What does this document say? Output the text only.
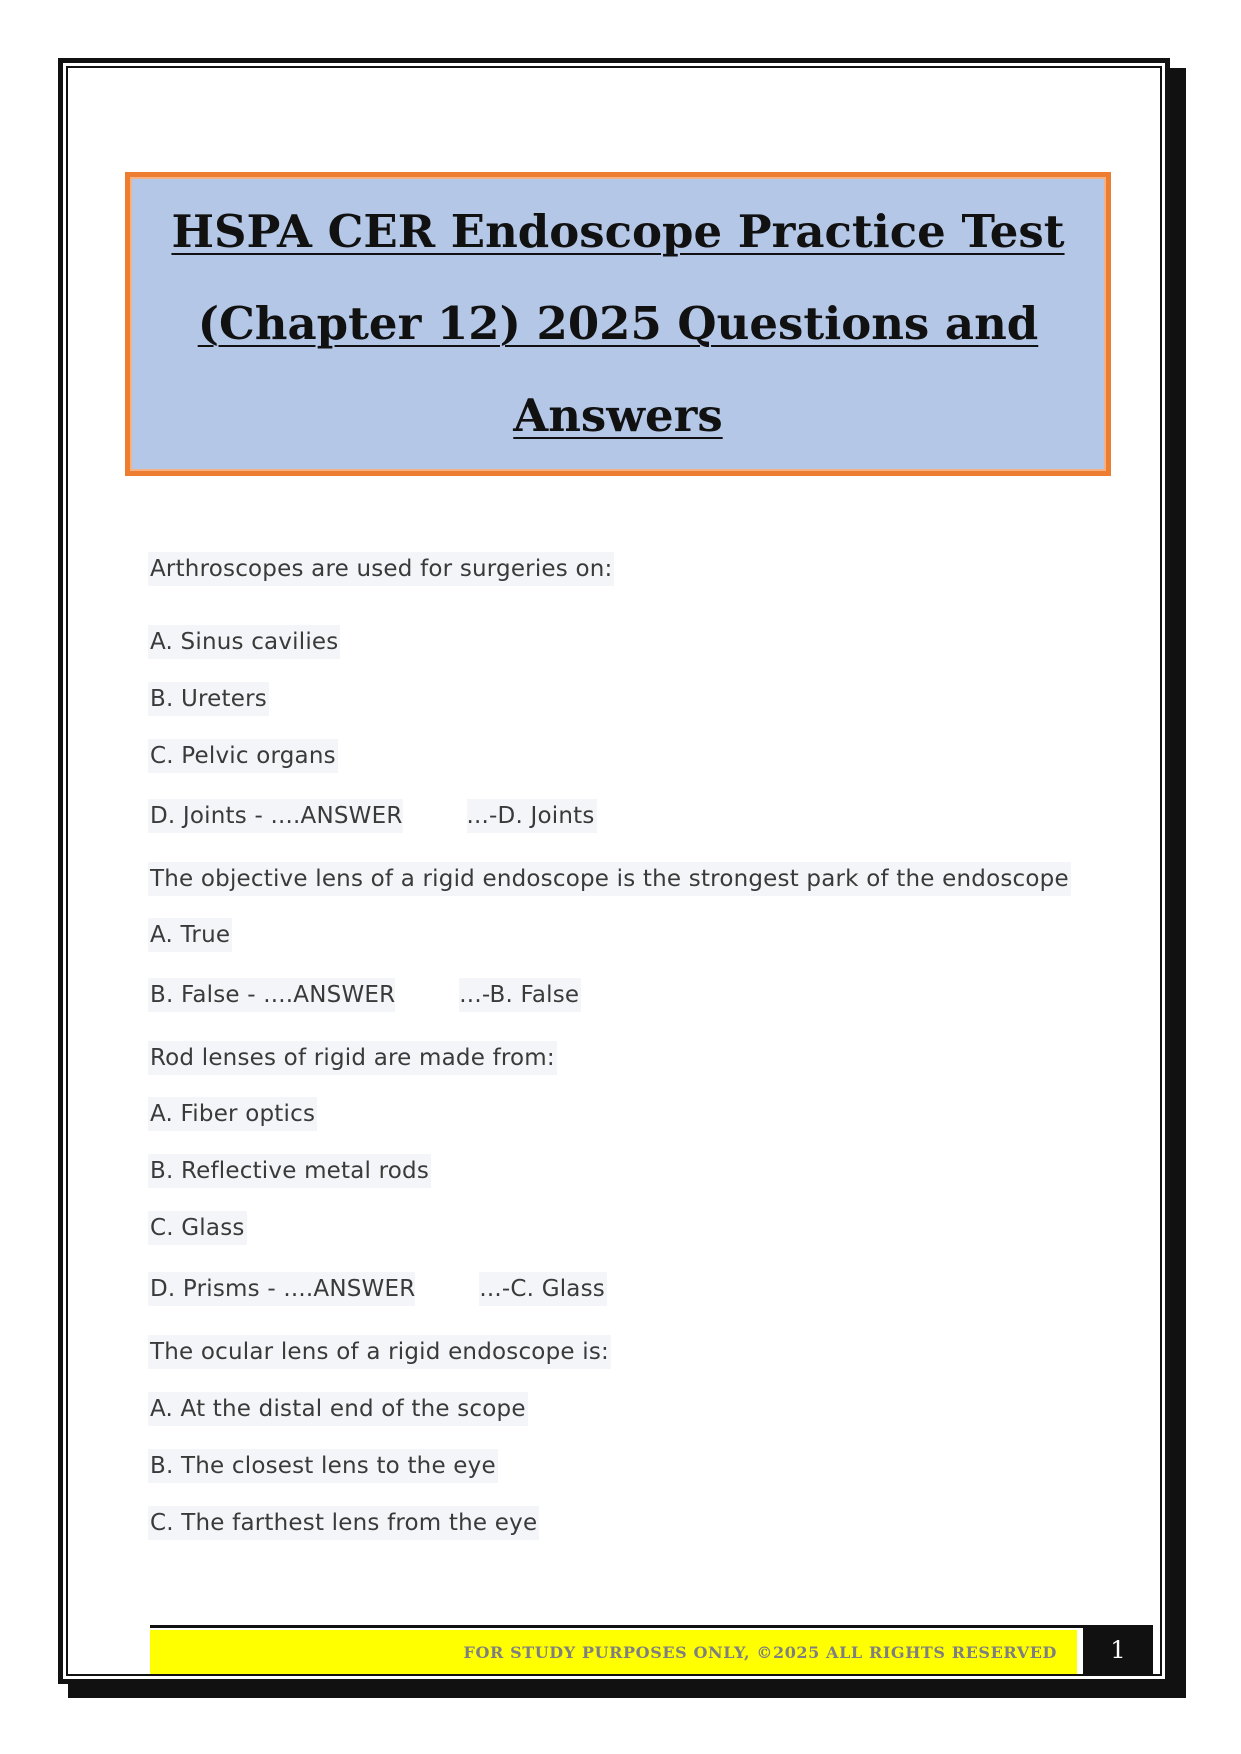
HSPA CER Endoscope Practice Test
(Chapter 12) 2025 Questions and
Answers
Arthroscopes are used for surgeries on:
A. Sinus cavilies
B. Ureters
C. Pelvic organs
D. Joints - ....ANSWER	...-D. Joints
The objective lens of a rigid endoscope is the strongest park of the endoscope
A. True
B. False - ....ANSWER	...-B. False
Rod lenses of rigid are made from:
A. Fiber optics
B. Reflective metal rods
C. Glass
D. Prisms - ....ANSWER	...-C. Glass
The ocular lens of a rigid endoscope is:
A. At the distal end of the scope
B. The closest lens to the eye
C. The farthest lens from the eye
FOR STUDY PURPOSES ONLY, ©2025 ALL RIGHTS RESERVED 1
